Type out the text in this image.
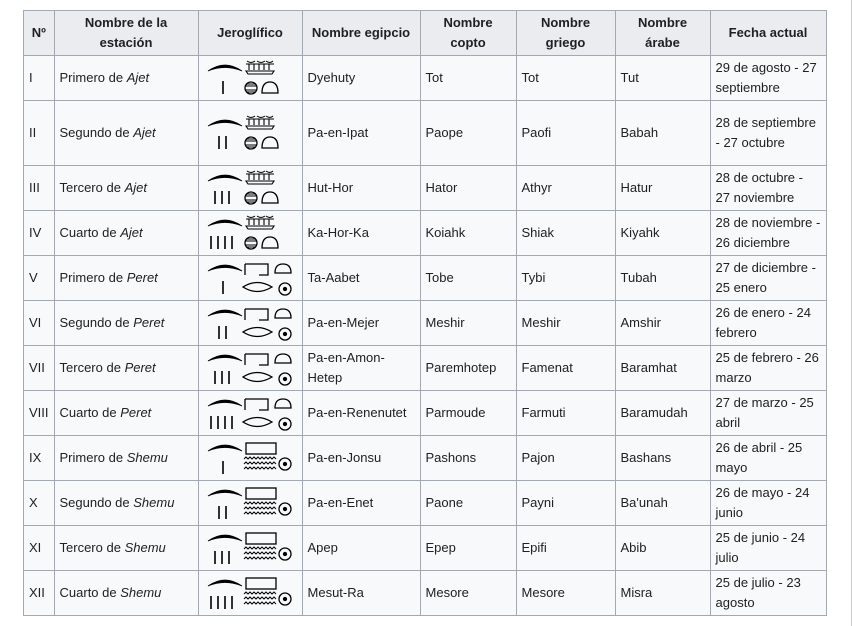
Nº	Nombre de la estación	Jeroglífico	Nombre egipcio	Nombre copto	Nombre griego	Nombre árabe	Fecha actual
I	Primero de Ajet		Dyehuty	Tot	Tot	Tut	29 de agosto - 27 septiembre
II	Segundo de Ajet		Pa-en-Ipat	Paope	Paofi	Babah	28 de septiembre - 27 octubre
III	Tercero de Ajet		Hut-Hor	Hator	Athyr	Hatur	28 de octubre - 27 noviembre
IV	Cuarto de Ajet		Ka-Hor-Ka	Koiahk	Shiak	Kiyahk	28 de noviembre - 26 diciembre
V	Primero de Peret		Ta-Aabet	Tobe	Tybi	Tubah	27 de diciembre - 25 enero
VI	Segundo de Peret		Pa-en-Mejer	Meshir	Meshir	Amshir	26 de enero - 24 febrero
VII	Tercero de Peret		Pa-en-Amon-Hetep	Paremhotep	Famenat	Baramhat	25 de febrero - 26 marzo
VIII	Cuarto de Peret		Pa-en-Renenutet	Parmoude	Farmuti	Baramudah	27 de marzo - 25 abril
IX	Primero de Shemu		Pa-en-Jonsu	Pashons	Pajon	Bashans	26 de abril - 25 mayo
X	Segundo de Shemu		Pa-en-Enet	Paone	Payni	Ba'unah	26 de mayo - 24 junio
XI	Tercero de Shemu		Apep	Epep	Epifi	Abib	25 de junio - 24 julio
XII	Cuarto de Shemu		Mesut-Ra	Mesore	Mesore	Misra	25 de julio - 23 agosto
